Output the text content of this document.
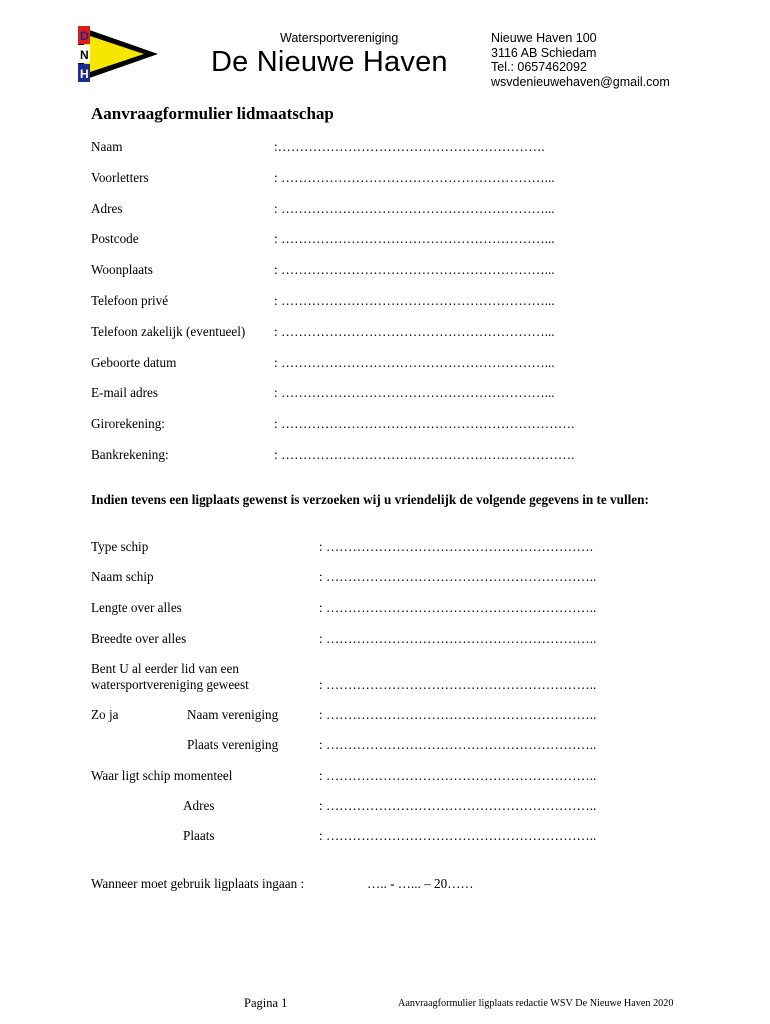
D
N
H
Watersportvereniging
De Nieuwe Haven
Nieuwe Haven 100
3116 AB Schiedam
Tel.: 0657462092
wsvdenieuwehaven@gmail.com
Aanvraagformulier lidmaatschap
Naam	:…………………………………………………….
Voorletters	: ……………………………………………………...
Adres	: ……………………………………………………...
Postcode	: ……………………………………………………...
Woonplaats	: ……………………………………………………...
Telefoon privé	: ……………………………………………………...
Telefoon zakelijk (eventueel) : ……………………………………………………...
Geboorte datum	: ……………………………………………………...
E-mail adres	: ……………………………………………………...
Girorekening:	: ………………………………………………………….
Bankrekening:	: ………………………………………………………….
Indien tevens een ligplaats gewenst is verzoeken wij u vriendelijk de volgende gegevens in te vullen:
Type schip	: …………………………………………………….
Naam schip	: ……………………………………………………..
Lengte over alles	: ……………………………………………………..
Breedte over alles	: ……………………………………………………..
Bent U al eerder lid van een
watersportvereniging geweest	: ……………………………………………………..
Zo ja	Naam vereniging	: ……………………………………………………..
Plaats vereniging	: ……………………………………………………..
Waar ligt schip momenteel	: ……………………………………………………..
Adres	: ……………………………………………………..
Plaats	: ……………………………………………………..
Wanneer moet gebruik ligplaats ingaan :	….. - …... – 20……
Pagina 1	Aanvraagformulier ligplaats redactie WSV De Nieuwe Haven 2020
